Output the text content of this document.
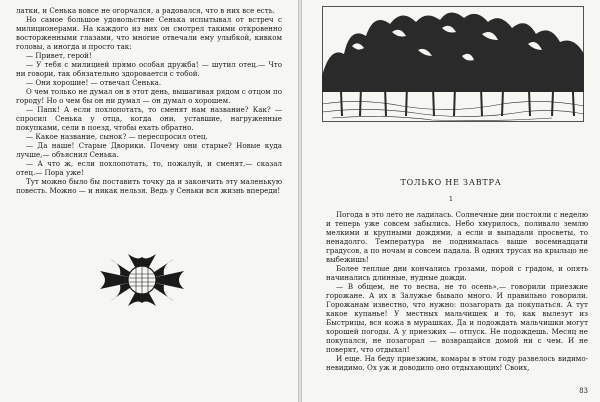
латки, и Сенька вовсе не огорчался, а радовался, что в них все есть.

Но самое большое удовольствие Сенька испытывал от встреч с милиционерами. На каждого из них он смотрел такими откровенно восторженными глазами, что многие отвечали ему улыбкой, кивком головы, а иногда и просто так:

— Привет, герой!

— У тебя с милицией прямо особая дружба! — шутил отец.— Что ни говори, так обязательно здоровается с тобой.

— Они хорошие! — отвечал Сенька.

О чем только не думал он в этот день, вышагивая рядом с отцом по городу! Но о чем бы он ни думал — он думал о хорошем.

— Папк! А если похлопотать, то сменят нам название? Как? — спросил Сенька у отца, когда они, уставшие, нагруженные покупками, сели в поезд, чтобы ехать обратно.

— Какое название, сынок? — переспросил отец.

— Да наше! Старые Дворики. Почему они старые? Новые куда лучше,— объяснил Сенька.

— А что ж, если похлопотать, то, пожалуй, и сменят,— сказал отец.— Пора уже!

Тут можно было бы поставить точку да и закончить эту маленькую повесть. Можно — и никак нельзя. Ведь у Сеньки вся жизнь впереди!

ТОЛЬКО НЕ ЗАВТРА
1

Погода в это лето не ладилась. Солнечные дни постояли с неделю и теперь уже совсем забылись. Небо хмурилось, поливало землю мелкими и крупными дождями, а если и выпадали просветы, то ненадолго. Температура не поднималась выше восемнадцати градусов, а по ночам и совсем падала. В одних трусах на крыльцо не выбежишь!

Более теплые дни кончались грозами, порой с градом, и опять начинались длинные, нудные дожди.

— В общем, не то весна, не то осень»,— говорили приезжие горожане. А их в Залужье бывало много. И правильно говорили. Горожанам известно, что нужно: позагорать да покупаться. А тут какое купанье! У местных мальчишек и то, как вылезут из Быстрицы, вся кожа в мурашках. Да и подождать мальчишки могут хорошей погоды. А у приезжих — отпуск. Не подождешь. Месяц не покупался, не позагорал — возвращайся домой ни с чем. И не поверят, что отдыхал!

И еще. На беду приезжим, комары в этом году развелось видимо-невидимо. Ох уж и доводило оно отдыхающих! Своих,

83
